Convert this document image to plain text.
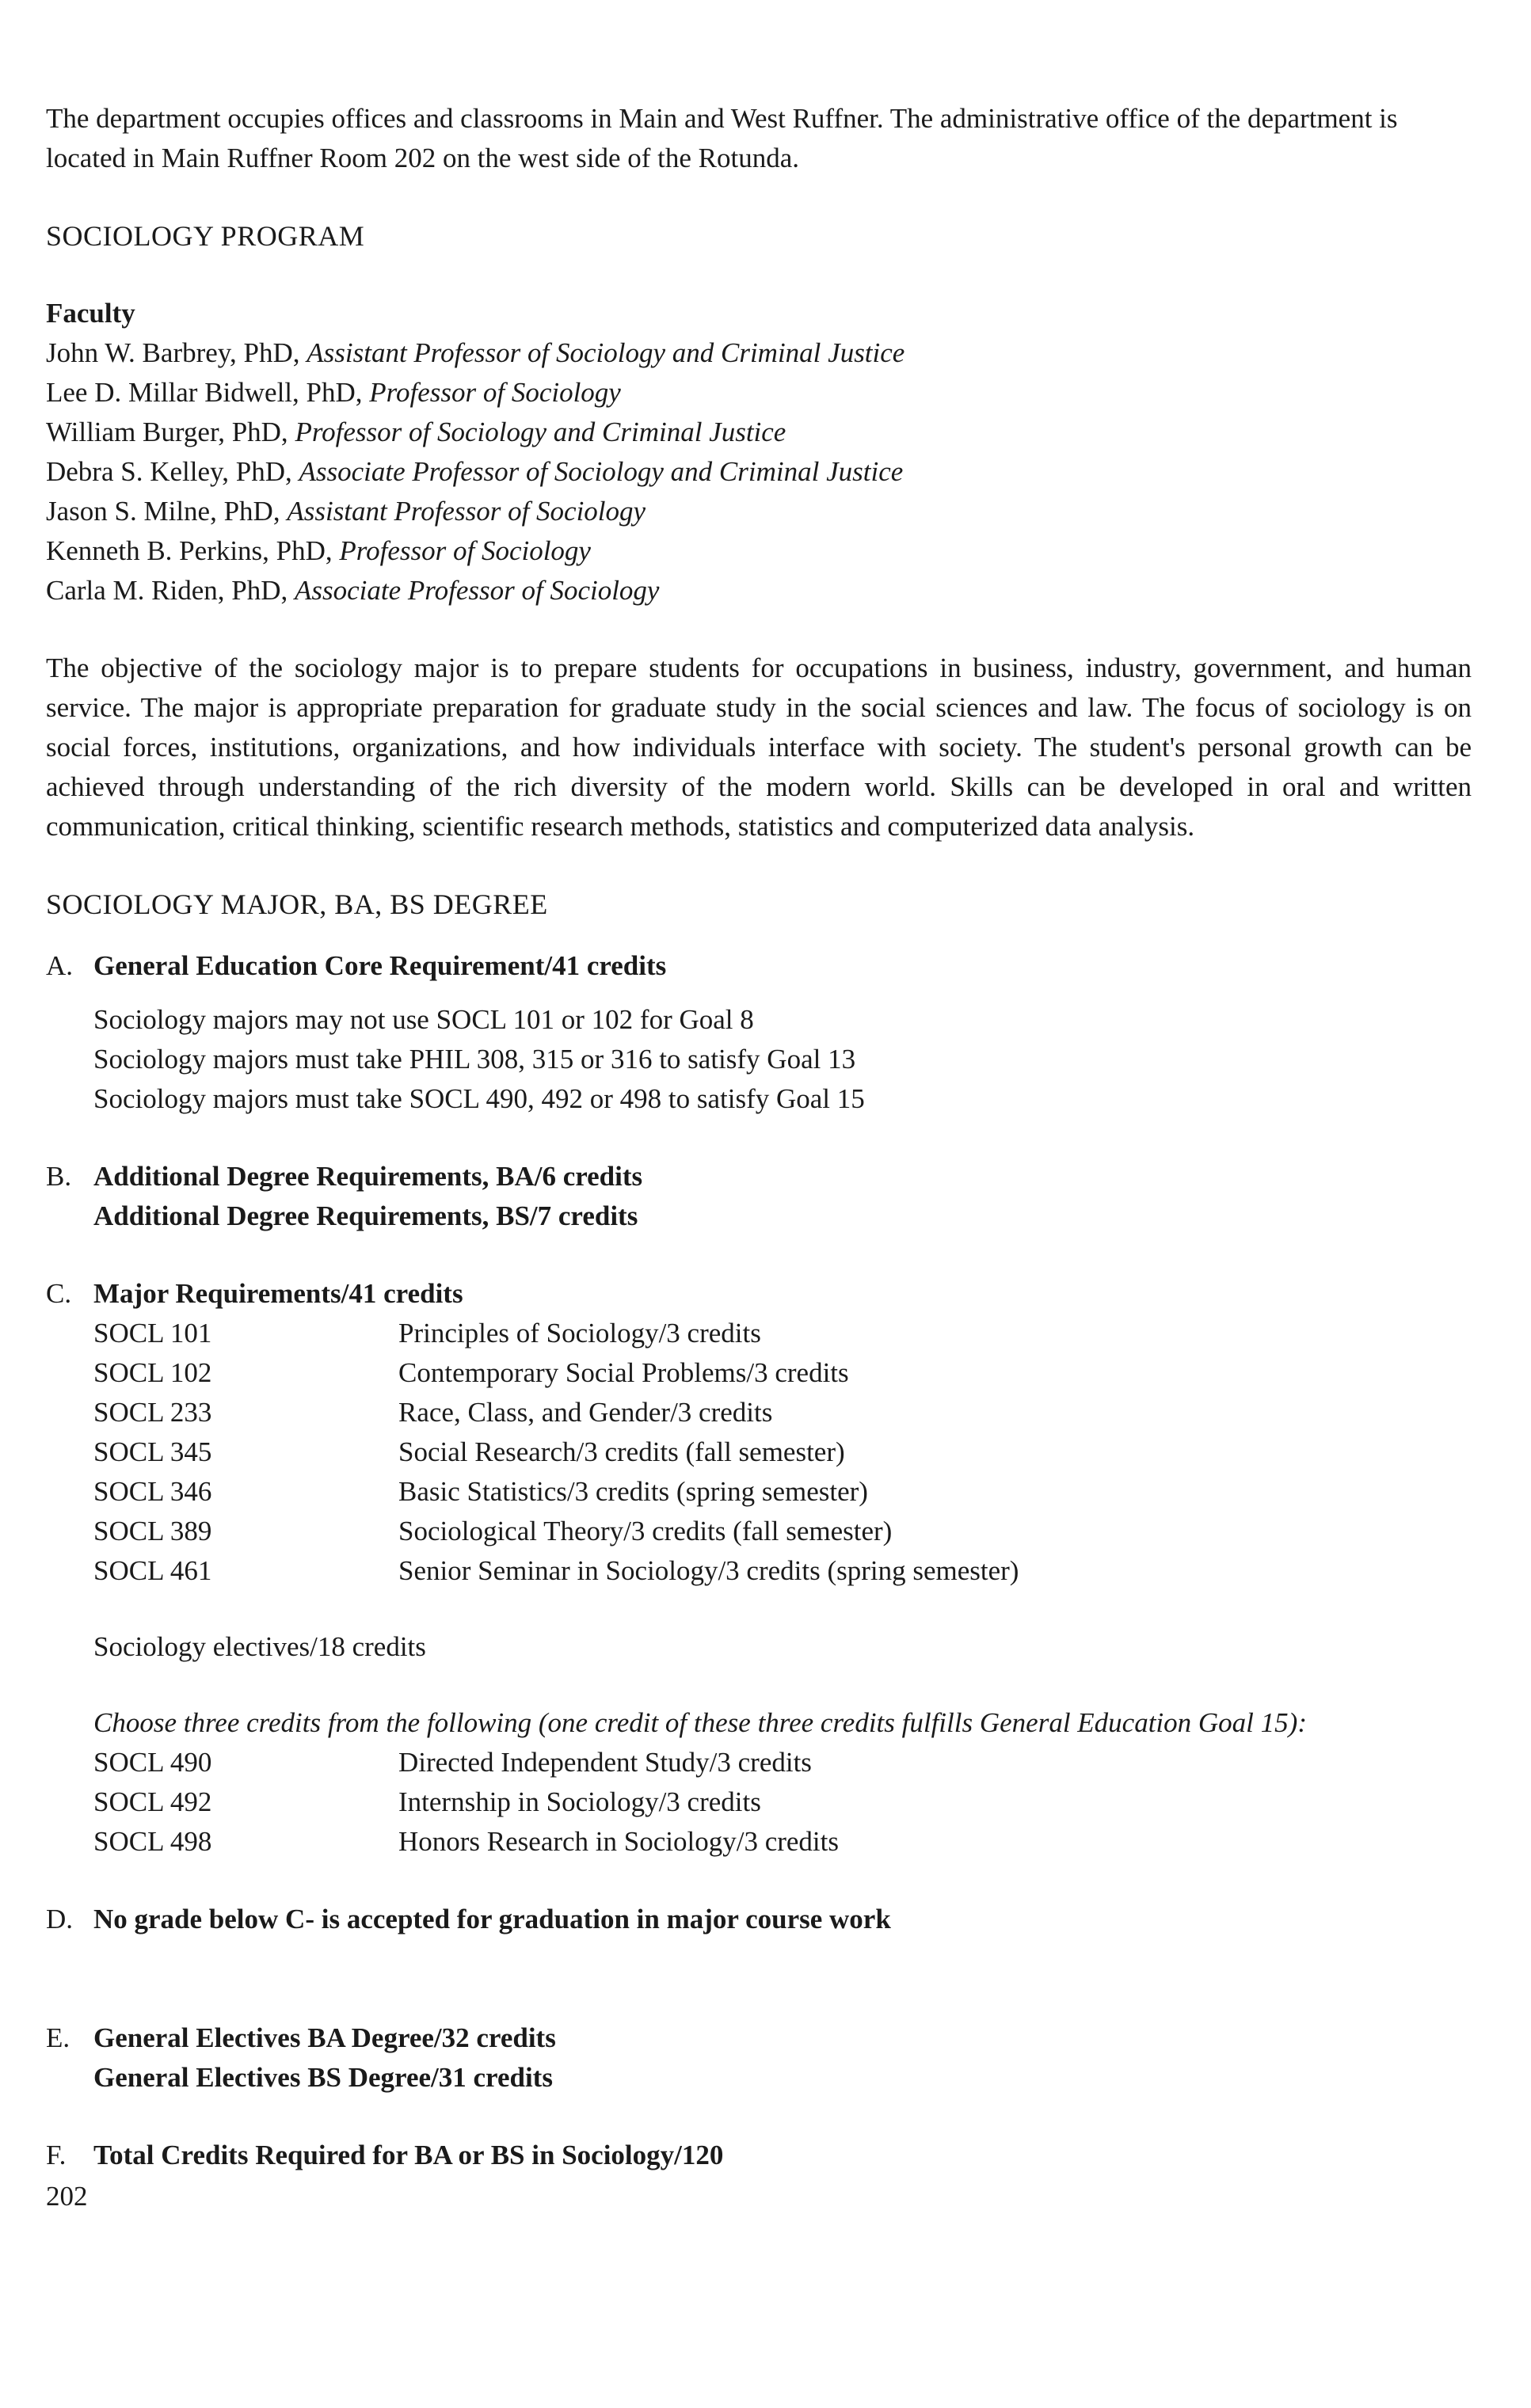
The department occupies offices and classrooms in Main and West Ruffner. The administrative office of the department is located in Main Ruffner Room 202 on the west side of the Rotunda.

SOCIOLOGY PROGRAM

Faculty

John W. Barbrey, PhD, Assistant Professor of Sociology and Criminal Justice
Lee D. Millar Bidwell, PhD, Professor of Sociology
William Burger, PhD, Professor of Sociology and Criminal Justice
Debra S. Kelley, PhD, Associate Professor of Sociology and Criminal Justice
Jason S. Milne, PhD, Assistant Professor of Sociology
Kenneth B. Perkins, PhD, Professor of Sociology
Carla M. Riden, PhD, Associate Professor of Sociology

The objective of the sociology major is to prepare students for occupations in business, industry, government, and human service. The major is appropriate preparation for graduate study in the social sciences and law. The focus of sociology is on social forces, institutions, organizations, and how individuals interface with society. The student's personal growth can be achieved through understanding of the rich diversity of the modern world. Skills can be developed in oral and written communication, critical thinking, scientific research methods, statistics and computerized data analysis.

SOCIOLOGY MAJOR, BA, BS DEGREE

A. General Education Core Requirement/41 credits

Sociology majors may not use SOCL 101 or 102 for Goal 8

Sociology majors must take PHIL 308, 315 or 316 to satisfy Goal 13

Sociology majors must take SOCL 490, 492 or 498 to satisfy Goal 15

B. Additional Degree Requirements, BA/6 credits

Additional Degree Requirements, BS/7 credits

C. Major Requirements/41 credits

SOCL 101	Principles of Sociology/3 credits
SOCL 102	Contemporary Social Problems/3 credits
SOCL 233	Race, Class, and Gender/3 credits
SOCL 345	Social Research/3 credits (fall semester)
SOCL 346	Basic Statistics/3 credits (spring semester)
SOCL 389	Sociological Theory/3 credits (fall semester)
SOCL 461	Senior Seminar in Sociology/3 credits (spring semester)

Sociology electives/18 credits

Choose three credits from the following (one credit of these three credits fulfills General Education Goal 15):

SOCL 490	Directed Independent Study/3 credits
SOCL 492	Internship in Sociology/3 credits
SOCL 498	Honors Research in Sociology/3 credits
D. No grade below C- is accepted for graduation in major course work

E. General Electives BA Degree/32 credits

General Electives BS Degree/31 credits

F. Total Credits Required for BA or BS in Sociology/120

202
